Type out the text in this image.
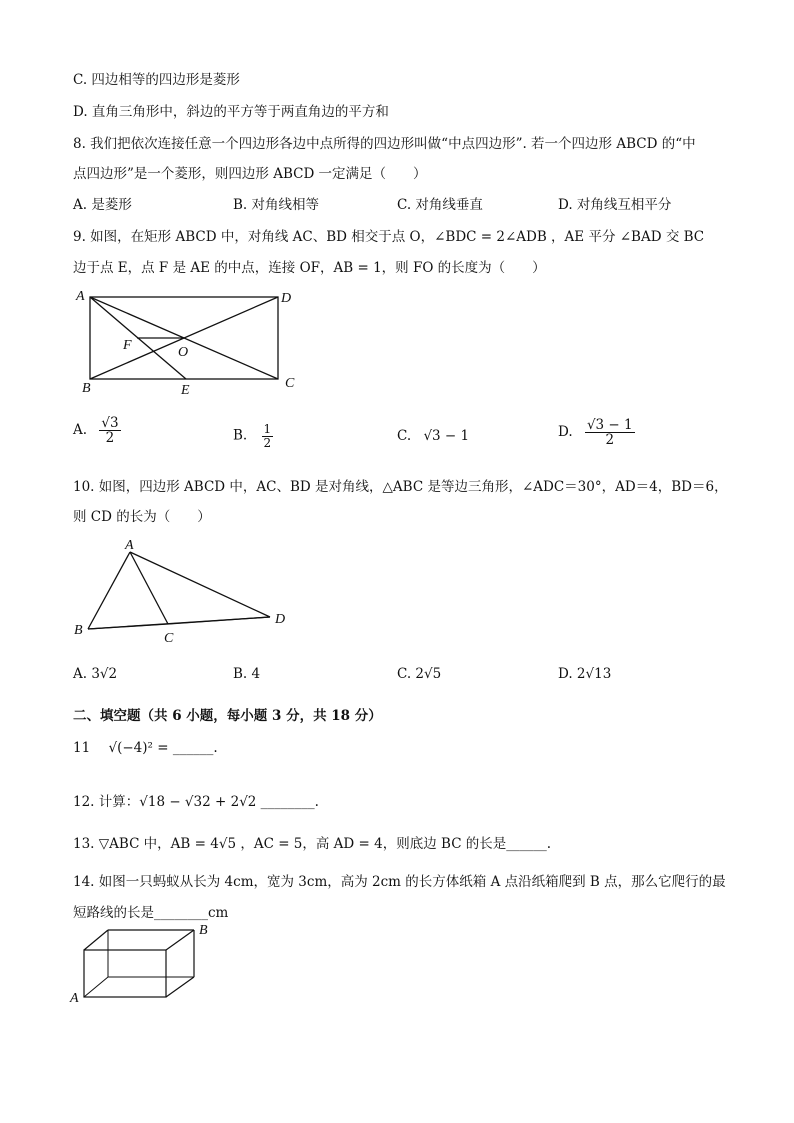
C. 四边相等的四边形是菱形
D. 直角三角形中，斜边的平方等于两直角边的平方和
8. 我们把依次连接任意一个四边形各边中点所得的四边形叫做“中点四边形”. 若一个四边形 ABCD 的“中
点四边形”是一个菱形，则四边形 ABCD 一定满足（　　）
A. 是菱形	B. 对角线相等	C. 对角线垂直	D. 对角线互相平分
9. 如图，在矩形 ABCD 中，对角线 AC、BD 相交于点 O，∠BDC = 2∠ADB ，AE 平分 ∠BAD 交 BC
边于点 E，点 F 是 AE 的中点，连接 OF，AB = 1，则 FO 的长度为（　　）
A	D
F	O
B	E	C
A. $\frac{√3}{2}$	B. $\frac{1}{2}$	C. √3 − 1	D. $\frac{√3 - 1}{2}$
10. 如图，四边形 ABCD 中，AC、BD 是对角线，△ABC 是等边三角形，∠ADC＝30°，AD＝4，BD＝6，
则 CD 的长为（　　）
A
B
C
D
A. 3√2	B. 4	C. 2√5	D. 2√13
二、填空题（共 6 小题，每小题 3 分，共 18 分）
11 √(−4)² = ______.
12. 计算：√18 − √32 + 2√2 ________.
13. ▽ABC 中，AB = 4√5 ，AC = 5，高 AD = 4，则底边 BC 的长是______.
14. 如图一只蚂蚁从长为 4cm，宽为 3cm，高为 2cm 的长方体纸箱 A 点沿纸箱爬到 B 点，那么它爬行的最
短路线的长是________cm
A
B
